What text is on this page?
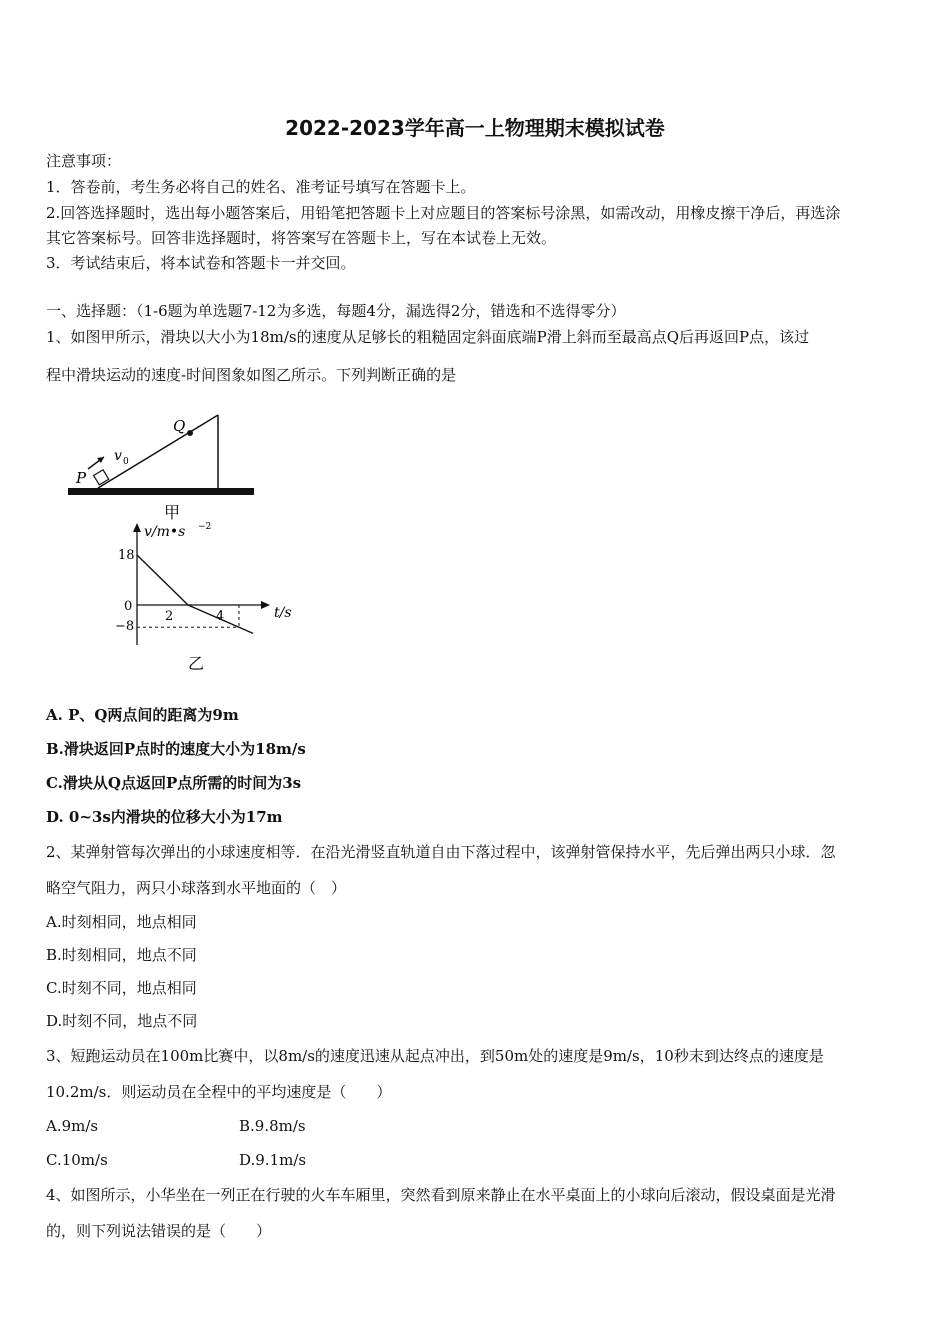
2022-2023学年高一上物理期末模拟试卷
注意事项：
1．答卷前，考生务必将自己的姓名、准考证号填写在答题卡上。
2.回答选择题时，选出每小题答案后，用铅笔把答题卡上对应题目的答案标号涂黑，如需改动，用橡皮擦干净后，再选涂
其它答案标号。回答非选择题时，将答案写在答题卡上，写在本试卷上无效。
3．考试结束后，将本试卷和答题卡一并交回。
一、选择题：（1-6题为单选题7-12为多选，每题4分，漏选得2分，错选和不选得零分）
1、如图甲所示，滑块以大小为18m/s的速度从足够长的粗糙固定斜面底端P滑上斜而至最高点Q后再返回P点，该过
程中滑块运动的速度-时间图象如图乙所示。下列判断正确的是
Q
P
v 0
甲
v/m•s −2
t/s
18
0
−8
2	4
乙
A. P、Q两点间的距离为9m
B.滑块返回P点时的速度大小为18m/s
C.滑块从Q点返回P点所需的时间为3s
D. 0~3s内滑块的位移大小为17m
2、某弹射管每次弹出的小球速度相等．在沿光滑竖直轨道自由下落过程中，该弹射管保持水平，先后弹出两只小球．忽
略空气阻力，两只小球落到水平地面的（　）
A.时刻相同，地点相同
B.时刻相同，地点不同
C.时刻不同，地点相同
D.时刻不同，地点不同
3、短跑运动员在100m比赛中，以8m/s的速度迅速从起点冲出，到50m处的速度是9m/s，10秒末到达终点的速度是
10.2m/s．则运动员在全程中的平均速度是（　　）
A.9m/s	B.9.8m/s
C.10m/s	D.9.1m/s
4、如图所示，小华坐在一列正在行驶的火车车厢里，突然看到原来静止在水平桌面上的小球向后滚动，假设桌面是光滑
的，则下列说法错误的是（　　）
